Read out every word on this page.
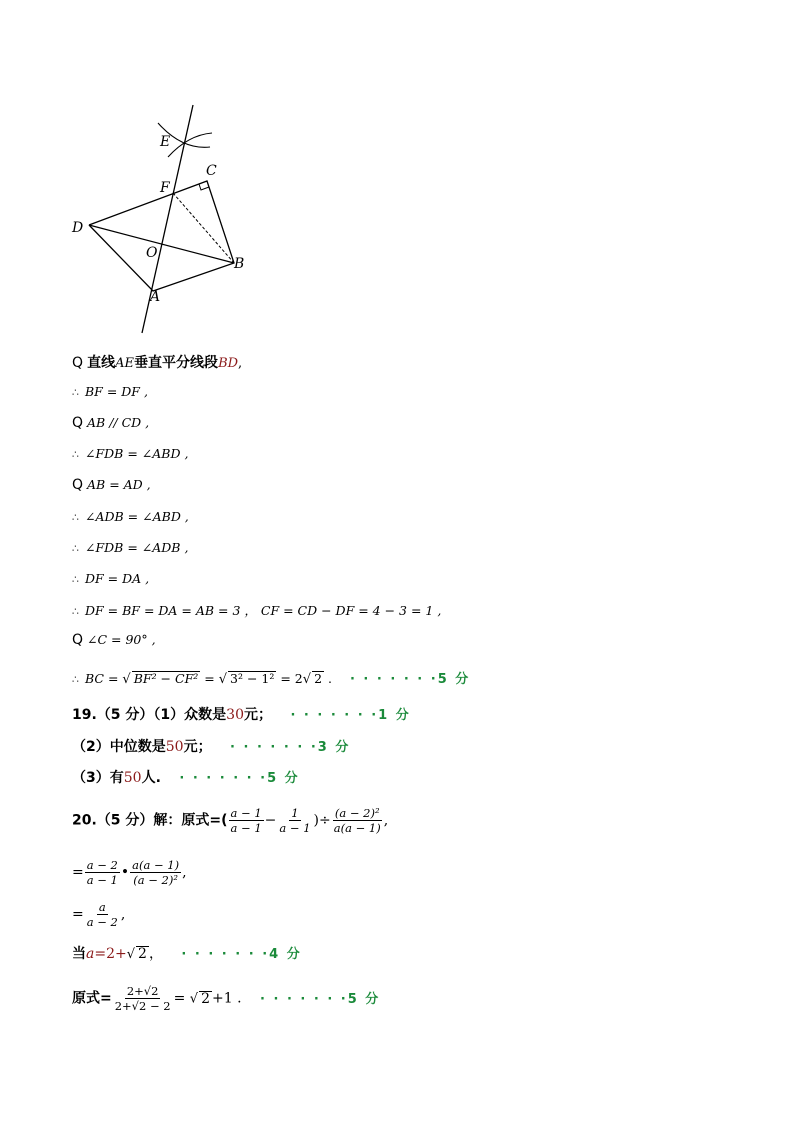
E
C
F
D
O
B
A
Q 直线AE垂直平分线段BD,
∴ BF = DF ,
Q AB // CD ,
∴ ∠FDB = ∠ABD ,
Q AB = AD ,
∴ ∠ADB = ∠ABD ,
∴ ∠FDB = ∠ADB ,
∴ DF = DA ,
∴ DF = BF = DA = AB = 3 ， CF = CD − DF = 4 − 3 = 1 ,
Q ∠C = 90° ,
∴ BC = √ BF² − CF² = √ 3² − 1² = 2√ 2 . · · · · · · ·5 分
19.（5 分）（1）众数是30元； · · · · · · ·1 分
（2）中位数是50元； · · · · · · ·3 分
（3）有50人. · · · · · · ·5 分
20.（5 分）解：原式=( $\frac{a - 1}{a - 1} - \frac{1}{a - 1}$ )÷ $\frac{\text{(a − 2)²}}{a(a - 1)}$ ,
= $\frac{a - 2}{a - 1}$ • $\frac{a(a - 1)}{\text{(a − 2)²}}$ ,
= $\frac{a}{a - 2}$ ,
当a=2+√ 2 ， · · · · · · ·4 分
原式= $\frac{2+√2}{2+√2 - 2}$ = √ 2 +1 . · · · · · · ·5 分
